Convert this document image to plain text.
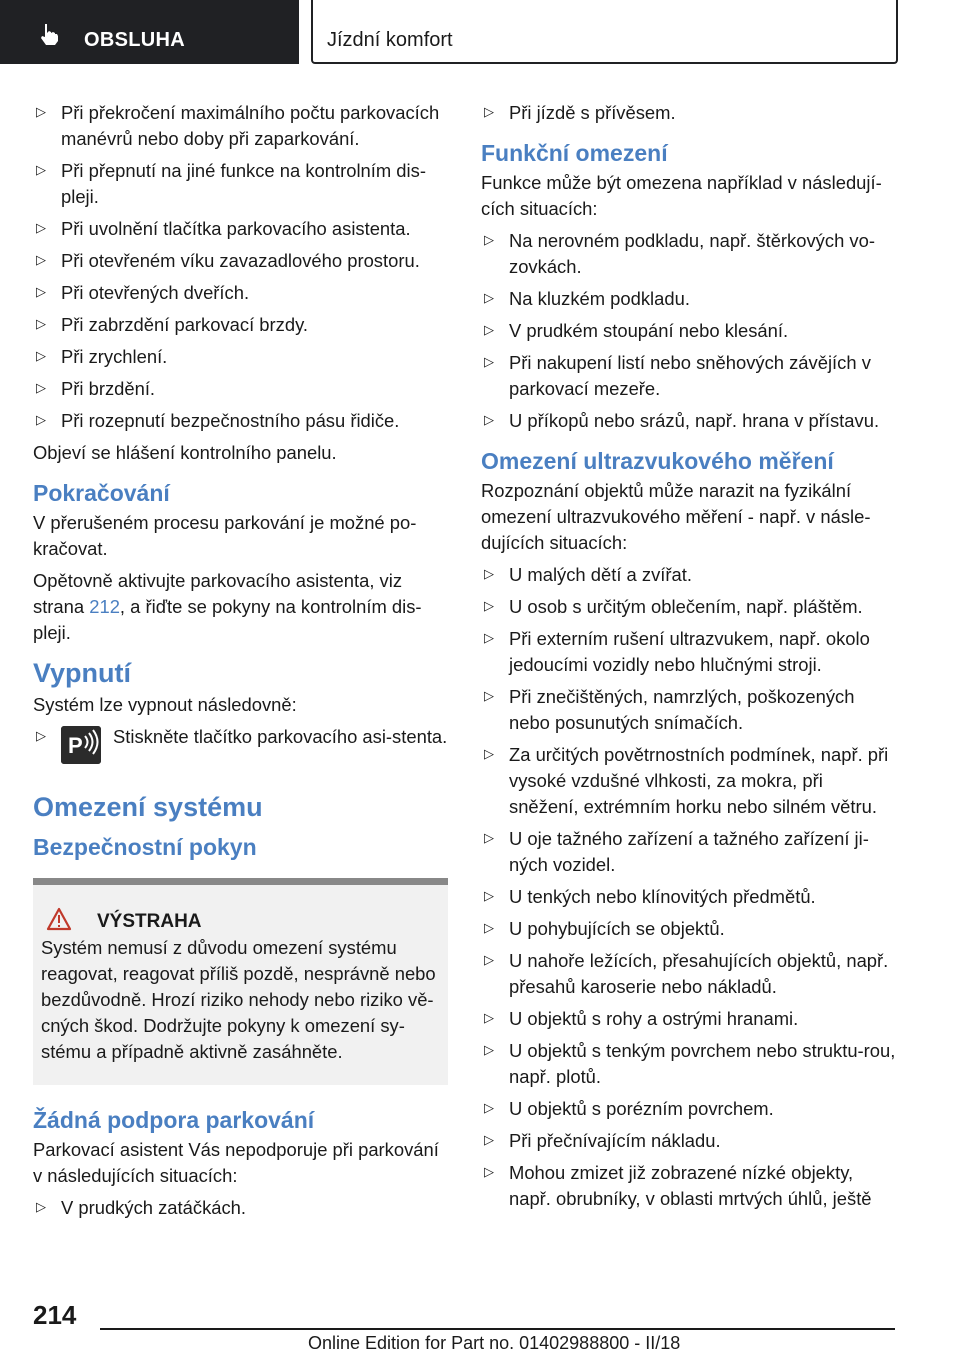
OBSLUHA	Jízdní komfort
▷ Při překročení maximálního počtu parkovacích manévrů nebo doby při zaparkování.
▷ Při přepnutí na jiné funkce na kontrolním dis-pleji.
▷ Při uvolnění tlačítka parkovacího asistenta.
▷ Při otevřeném víku zavazadlového prostoru.
▷ Při otevřených dveřích.
▷ Při zabrzdění parkovací brzdy.
▷ Při zrychlení.
▷ Při brzdění.
▷ Při rozepnutí bezpečnostního pásu řidiče.

Objeví se hlášení kontrolního panelu.

Pokračování

V přerušeném procesu parkování je možné po-kračovat.

Opětovně aktivujte parkovacího asistenta, viz strana 212, a řiďte se pokyny na kontrolním dis-pleji.

Vypnutí

Systém lze vypnout následovně:

▷ P Stiskněte tlačítko parkovacího asi-stenta.
Omezení systému
Bezpečnostní pokyn
VÝSTRAHA

Systém nemusí z důvodu omezení systému reagovat, reagovat příliš pozdě, nesprávně nebo bezdůvodně. Hrozí riziko nehody nebo riziko vě-cných škod. Dodržujte pokyny k omezení sy-stému a případně aktivně zasáhněte.

Žádná podpora parkování

Parkovací asistent Vás nepodporuje při parkování v následujících situacích:

▷ V prudkých zatáčkách.
▷ Při jízdě s přívěsem.
Funkční omezení

Funkce může být omezena například v následují-cích situacích:

▷ Na nerovném podkladu, např. štěrkových vo-zovkách.
▷ Na kluzkém podkladu.
▷ V prudkém stoupání nebo klesání.
▷ Při nakupení listí nebo sněhových závějích v parkovací mezeře.
▷ U příkopů nebo srázů, např. hrana v přístavu.
Omezení ultrazvukového měření

Rozpoznání objektů může narazit na fyzikální omezení ultrazvukového měření - např. v násle-dujících situacích:

▷ U malých dětí a zvířat.
▷ U osob s určitým oblečením, např. pláštěm.
▷ Při externím rušení ultrazvukem, např. okolo jedoucími vozidly nebo hlučnými stroji.
▷ Při znečištěných, namrzlých, poškozených nebo posunutých snímačích.
▷ Za určitých povětrnostních podmínek, např. při vysoké vzdušné vlhkosti, za mokra, při sněžení, extrémním horku nebo silném větru.
▷ U oje tažného zařízení a tažného zařízení ji-ných vozidel.
▷ U tenkých nebo klínovitých předmětů.
▷ U pohybujících se objektů.
▷ U nahoře ležících, přesahujících objektů, např. přesahů karoserie nebo nákladů.
▷ U objektů s rohy a ostrými hranami.
▷ U objektů s tenkým povrchem nebo struktu-rou, např. plotů.
▷ U objektů s porézním povrchem.
▷ Při přečnívajícím nákladu.
▷ Mohou zmizet již zobrazené nízké objekty, např. obrubníky, v oblasti mrtvých úhlů, ještě
214
Online Edition for Part no. 01402988800 - II/18
